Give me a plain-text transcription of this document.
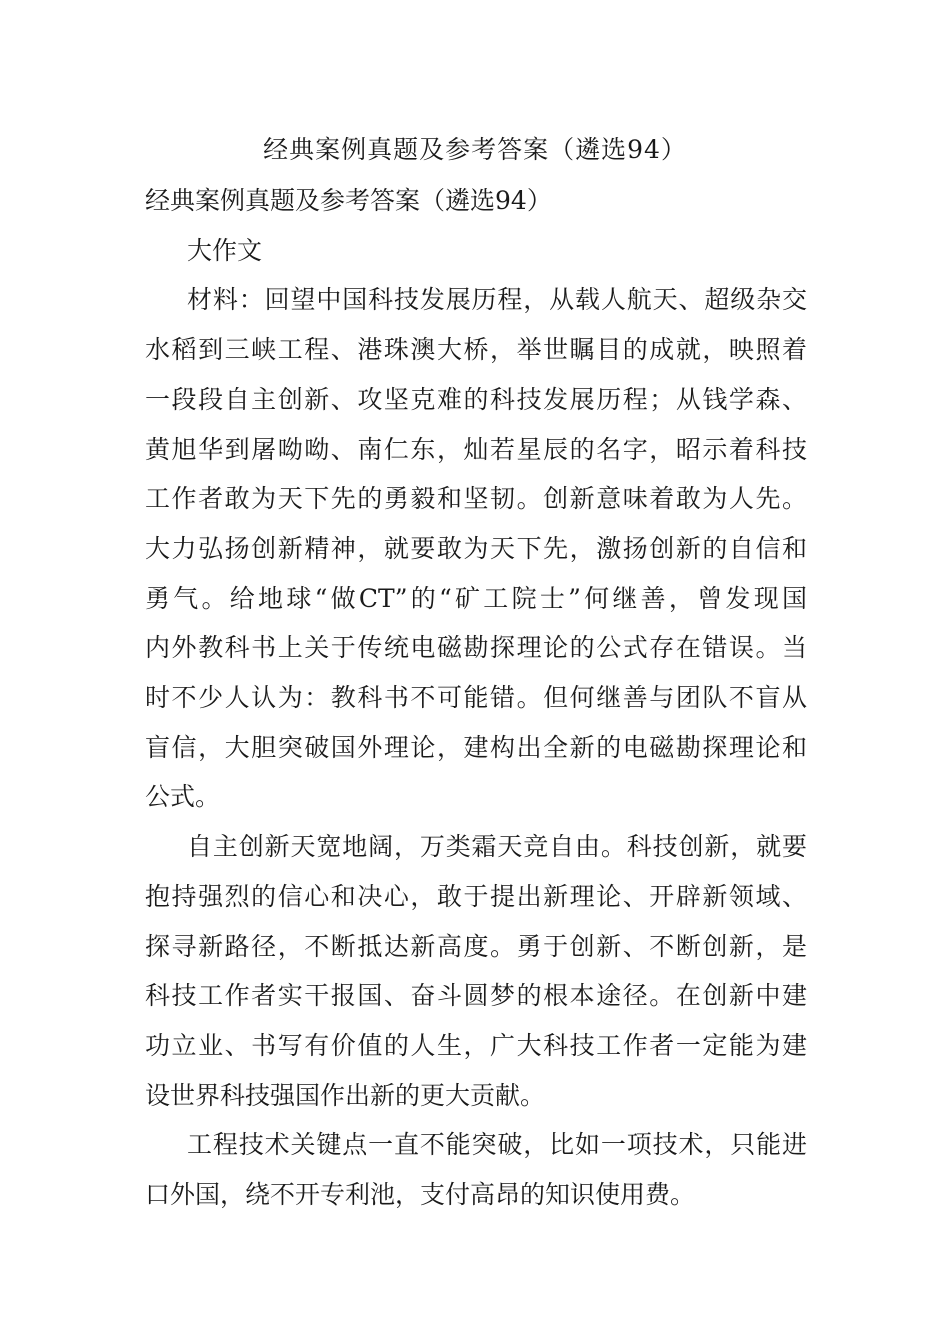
经典案例真题及参考答案（遴选94）

经典案例真题及参考答案（遴选94）

大作文

材料：回望中国科技发展历程，从载人航天、超级杂交
水稻到三峡工程、港珠澳大桥，举世瞩目的成就，映照着
一段段自主创新、攻坚克难的科技发展历程；从钱学森、
黄旭华到屠呦呦、南仁东，灿若星辰的名字，昭示着科技
工作者敢为天下先的勇毅和坚韧。创新意味着敢为人先。
大力弘扬创新精神，就要敢为天下先，激扬创新的自信和
勇气。给地球“做CT”的“矿工院士”何继善，曾发现国
内外教科书上关于传统电磁勘探理论的公式存在错误。当
时不少人认为：教科书不可能错。但何继善与团队不盲从
盲信，大胆突破国外理论，建构出全新的电磁勘探理论和
公式。

自主创新天宽地阔，万类霜天竞自由。科技创新，就要
抱持强烈的信心和决心，敢于提出新理论、开辟新领域、
探寻新路径，不断抵达新高度。勇于创新、不断创新，是
科技工作者实干报国、奋斗圆梦的根本途径。在创新中建
功立业、书写有价值的人生，广大科技工作者一定能为建
设世界科技强国作出新的更大贡献。

工程技术关键点一直不能突破，比如一项技术，只能进
口外国，绕不开专利池，支付高昂的知识使用费。
